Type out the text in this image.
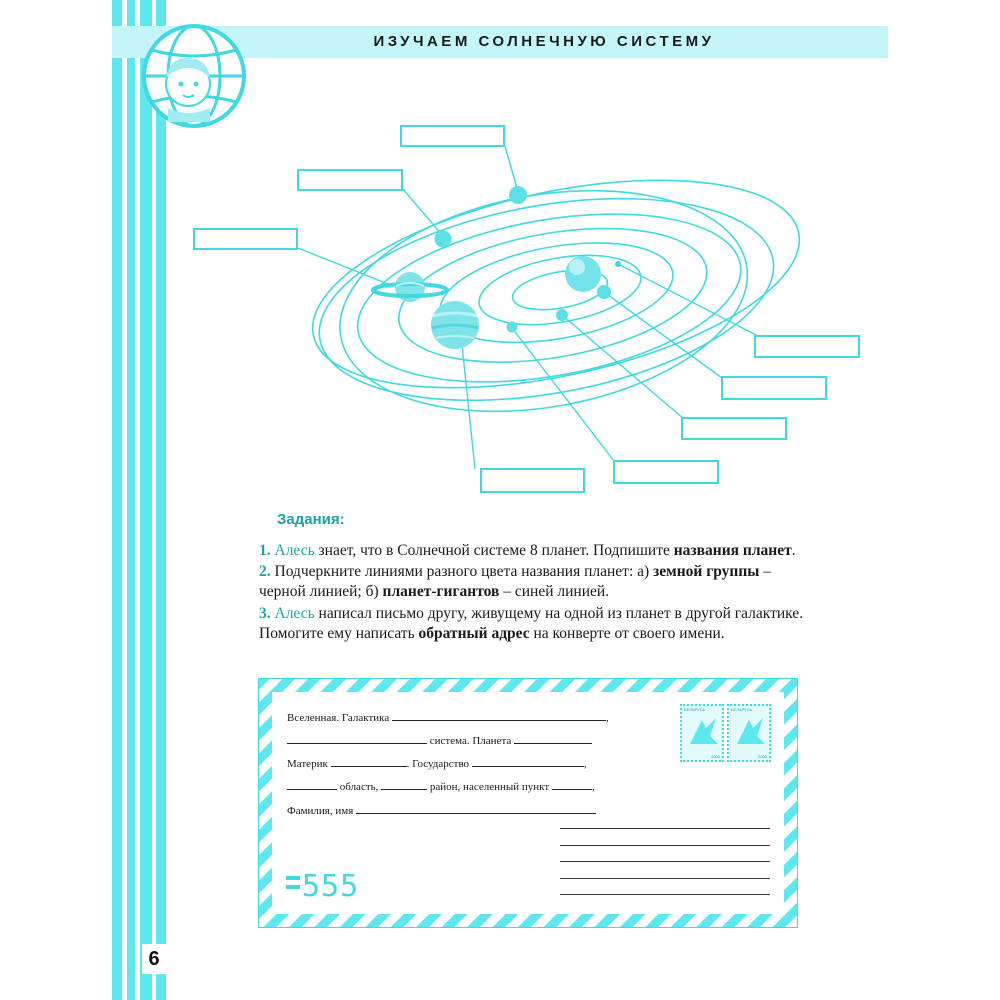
ИЗУЧАЕМ СОЛНЕЧНУЮ СИСТЕМУ
Задания:
1. Алесь знает, что в Солнечной системе 8 планет. Подпишите названия планет.
2. Подчеркните линиями разного цвета названия планет: а) земной группы – черной линией; б) планет-гигантов – синей линией.
3. Алесь написал письмо другу, живущему на одной из планет в другой галактике. Помогите ему написать обратный адрес на конверте от своего имени.
Вселенная. Галактика	,
система. Планета
Материк	. Государство	,
область,	район, населенный пункт	,
Фамилия, имя
БЕЛАРУСЬ
2000
БЕЛАРУСЬ
2000
555
6
